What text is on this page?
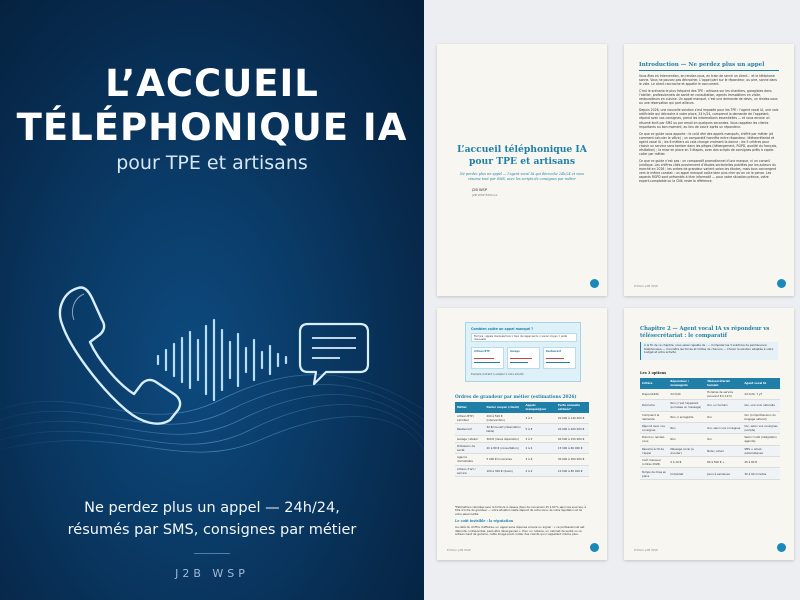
L’ACCUEIL
TÉLÉPHONIQUE IA
pour TPE et artisans
Ne perdez plus un appel — 24h/24,
résumés par SMS, consignes par métier
J2B WSP
L’accueil téléphonique IA
pour TPE et artisans
Ne perdez plus un appel — l’agent vocal IA qui décroche 24h/24 et vous résume tout par SMS, avec les scripts de consignes par métier
J2B WSP
J2B WSP Éditions
Introduction — Ne perdez plus un appel

Vous êtes en intervention, en rendez-vous, en train de servir un client… et le téléphone sonne. Vous ne pouvez pas décrocher. L’appel part sur le répondeur, ou pire, sonne dans le vide. Le client raccroche et appelle le concurrent.

C’est le scénario le plus fréquent des TPE : artisans sur les chantiers, garagistes dans l’atelier, professionnels de santé en consultation, agents immobiliers en visite, restaurateurs en cuisine. Un appel manqué, c’est une demande de devis, un rendez-vous ou une réservation qui part ailleurs.

Depuis 2026, une nouvelle solution s’est imposée pour les TPE : l’agent vocal IA, une voix artificielle qui décroche à votre place, 24 h/24, comprend la demande de l’appelant, répond avec vos consignes, prend les informations essentielles — et vous envoie un résumé écrit par SMS ou par email en quelques secondes. Vous rappelez les clients importants au bon moment, au lieu de courir après un répondeur.

Ce que ce guide vous apporte : le coût réel des appels manqués, chiffré par métier (et comment calculer le vôtre) ; un comparatif honnête entre répondeur, télésecrétariat et agent vocal IA ; les 6 métiers où cela change vraiment la donne ; les 5 critères pour choisir un service sans tomber dans les pièges (hébergement, RGPD, qualité du français, résiliation) ; la mise en place en 3 étapes, avec des scripts de consignes prêts à copier-coller par métier.

Ce que ce guide n’est pas : un comparatif promotionnel d’une marque, ni un conseil juridique. Les chiffres cités proviennent d’études sectorielles publiées par les acteurs du marché en 2026 ; les ordres de grandeur varient selon les études, mais tous convergent vers le même constat : un appel manqué coûte bien plus cher qu’on ne le pense. Les aspects RGPD sont présentés à titre informatif — pour votre situation précise, votre expert-comptable ou la CNIL reste la référence.

Édition J2B WSP
Combien coûte un appel manqué ?
Formule : appels manqués/mois × taux de rappel perdu × panier moyen = perte mensuelle
Artisan BTP	Garage	Restaurant
Exemple indicatif, à adapter à votre activité
Ordres de grandeur par métier (estimations 2026)
Métier	Panier moyen (client)	Appels manqués/jour	Perte annuelle estimée*
Artisan BTP / plombier	200 à 500 € (intervention)	3 à 5	20 000 à 140 000 €
Restaurant	30 €/couvert (réservation table)	5 à 8	20 000 à 200 000 €
Garage / atelier	300 € (devis réparation)	3 à 5	40 000 à 150 000 €
Profession de santé	40 à 80 € (consultation)	2 à 4	15 000 à 60 000 €
Agence immobilière	5 000 € honoraires	3 à 6	30 000 à 300 000 €
Artisan d’art / service	100 à 300 € (devis)	2 à 4	10 000 à 80 000 €
*Estimations calculées avec la formule ci-dessus (taux de conversion 25 à 60 % selon les sources), à titre d’ordre de grandeur — votre situation réelle dépend de votre zone, de votre réputation et de votre saisonnalité.
Le coût invisible : la réputation
Au-delà du chiffre d’affaires, un appel sans réponse envoie un signal : « ce professionnel est débordé, indisponible, peut-être désorganisé ». Pour un notaire, un cabinet de santé ou un artisan haut de gamme, cette image peut coûter des clients qui n’appellent même plus.
Édition J2B WSP
Chapitre 2 — Agent vocal IA vs répondeur vs télésecrétariat : le comparatif
À la fin de ce chapitre, vous serez capable de : — Comparer les 3 solutions de permanence téléphonique — Connaître les forces et limites de chacune — Choisir la solution adaptée à votre budget et votre activité
Les 3 options
Critère	Répondeur / messagerie	Télésecrétariat humain	Agent vocal IA
Disponibilité	24 h/24	Horaires de service (souvent 8 h-19 h)	24 h/24, 7 j/7
Décroche	Non (c’est l’appelant qui laisse un message)	Oui, un humain	Oui, une voix naturelle
Comprend la demande	Non, il enregistre	Oui	Oui (compréhension du langage naturel)
Répond avec vos consignes	Non	Oui, selon vos consignes	Oui, selon vos consignes (scripts)
Prend un rendez-vous	Non	Oui	Selon l’outil (intégration agenda)
Résumé écrit de l’appel	Message vocal (à écouter)	Note / email	SMS + email automatiques
Coût mensuel (ordres 2026)	0 à 10 €	80 à 500 € +	20 à 80 €
Temps de mise en place	Immédiat	Jours à semaines	30 à 60 minutes
Édition J2B WSP
